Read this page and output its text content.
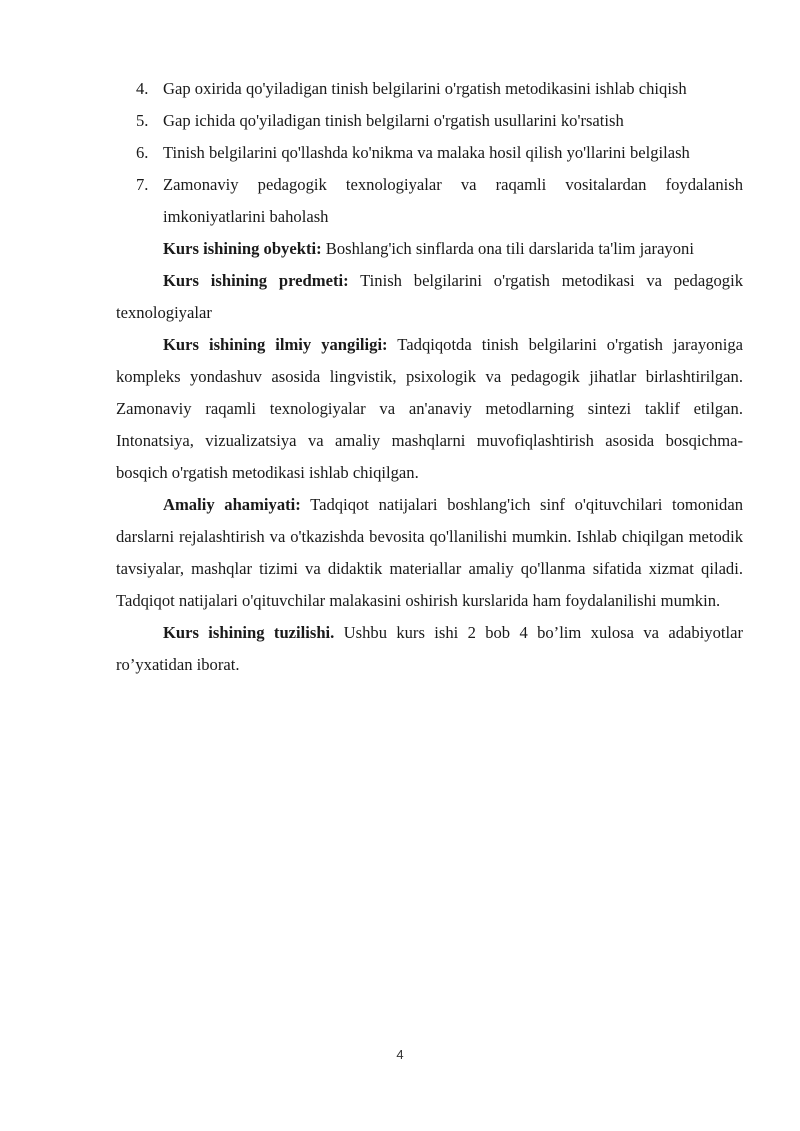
4. Gap oxirida qo'yiladigan tinish belgilarini o'rgatish metodikasini ishlab chiqish
5. Gap ichida qo'yiladigan tinish belgilarni o'rgatish usullarini ko'rsatish
6. Tinish belgilarini qo'llashda ko'nikma va malaka hosil qilish yo'llarini belgilash
7. Zamonaviy pedagogik texnologiyalar va raqamli vositalardan foydalanish imkoniyatlarini baholash

Kurs ishining obyekti: Boshlang'ich sinflarda ona tili darslarida ta'lim jarayoni

Kurs ishining predmeti: Tinish belgilarini o'rgatish metodikasi va pedagogik texnologiyalar

Kurs ishining ilmiy yangiligi: Tadqiqotda tinish belgilarini o'rgatish jarayoniga kompleks yondashuv asosida lingvistik, psixologik va pedagogik jihatlar birlashtirilgan. Zamonaviy raqamli texnologiyalar va an'anaviy metodlarning sintezi taklif etilgan. Intonatsiya, vizualizatsiya va amaliy mashqlarni muvofiqlashtirish asosida bosqichma-bosqich o'rgatish metodikasi ishlab chiqilgan.

Amaliy ahamiyati: Tadqiqot natijalari boshlang'ich sinf o'qituvchilari tomonidan darslarni rejalashtirish va o'tkazishda bevosita qo'llanilishi mumkin. Ishlab chiqilgan metodik tavsiyalar, mashqlar tizimi va didaktik materiallar amaliy qo'llanma sifatida xizmat qiladi. Tadqiqot natijalari o'qituvchilar malakasini oshirish kurslarida ham foydalanilishi mumkin.

Kurs ishining tuzilishi. Ushbu kurs ishi 2 bob 4 bo’lim xulosa va adabiyotlar ro’yxatidan iborat.

4
